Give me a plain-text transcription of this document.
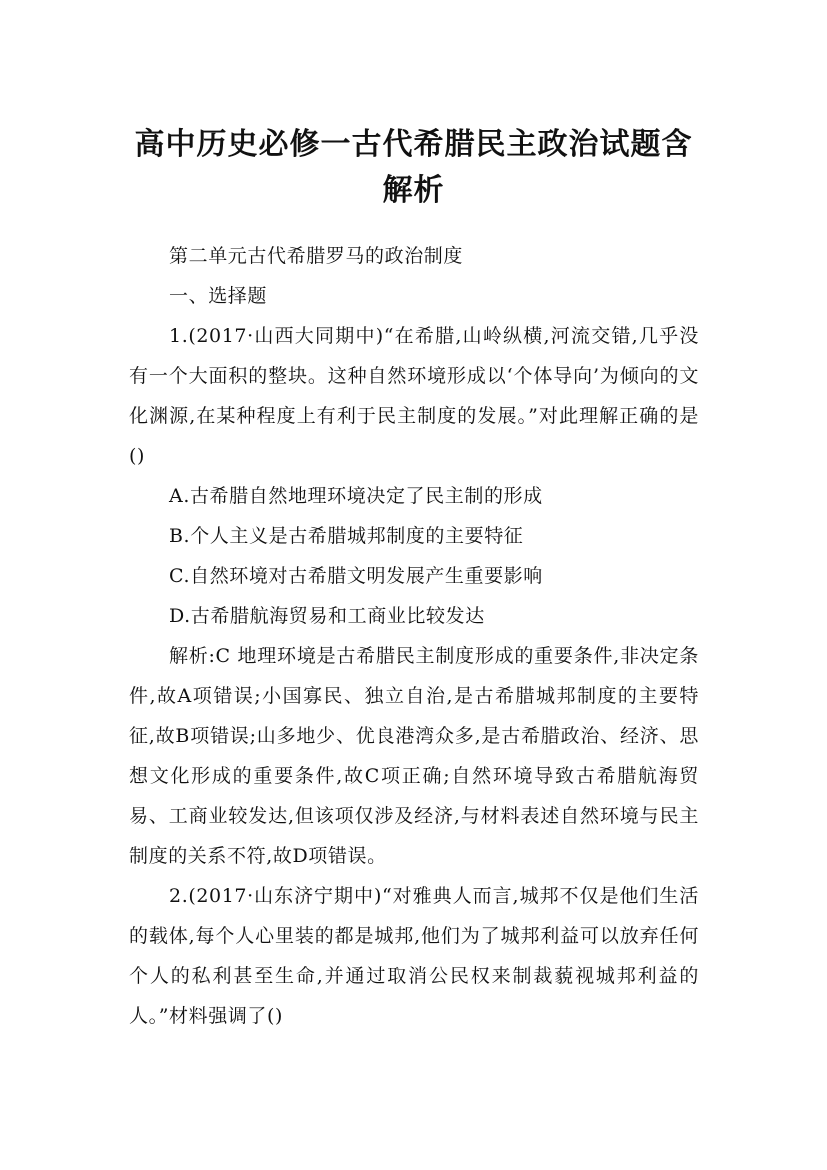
高中历史必修一古代希腊民主政治试题含
解析

第二单元古代希腊罗马的政治制度

一、选择题

1.(2017·山西大同期中)“在希腊,山岭纵横,河流交错,几乎没有一个大面积的整块。这种自然环境形成以‘个体导向’为倾向的文化渊源,在某种程度上有利于民主制度的发展。”对此理解正确的是()

A.古希腊自然地理环境决定了民主制的形成

B.个人主义是古希腊城邦制度的主要特征

C.自然环境对古希腊文明发展产生重要影响

D.古希腊航海贸易和工商业比较发达

解析:C 地理环境是古希腊民主制度形成的重要条件,非决定条件,故A项错误;小国寡民、独立自治,是古希腊城邦制度的主要特征,故B项错误;山多地少、优良港湾众多,是古希腊政治、经济、思想文化形成的重要条件,故C项正确;自然环境导致古希腊航海贸易、工商业较发达,但该项仅涉及经济,与材料表述自然环境与民主制度的关系不符,故D项错误。

2.(2017·山东济宁期中)“对雅典人而言,城邦不仅是他们生活的载体,每个人心里装的都是城邦,他们为了城邦利益可以放弃任何个人的私利甚至生命,并通过取消公民权来制裁藐视城邦利益的人。”材料强调了()
